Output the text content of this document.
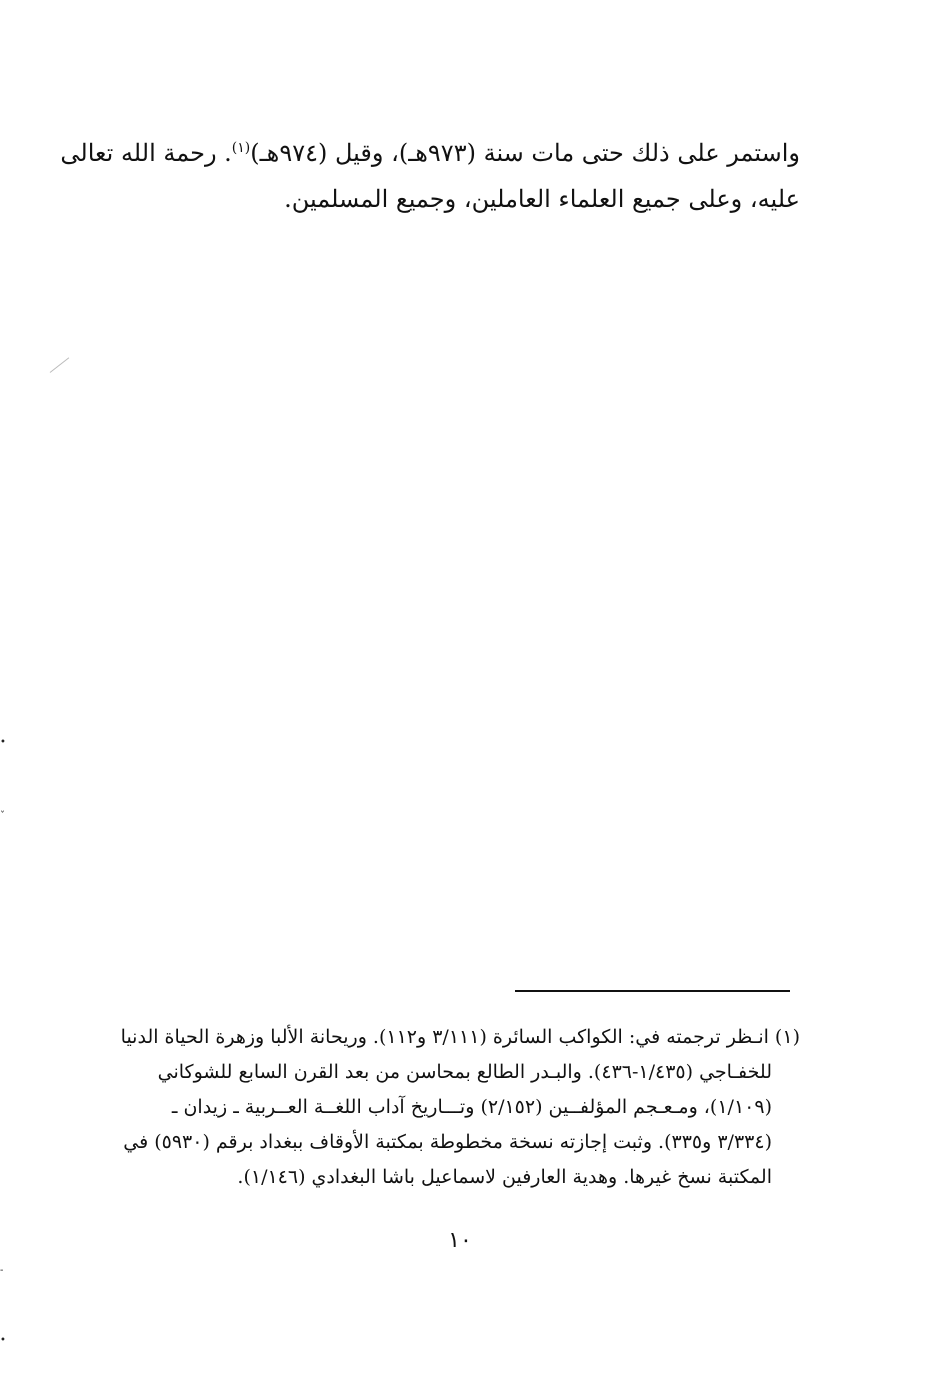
واستمر على ذلك حتى مات سنة (٩٧٣هـ)، وقيل (٩٧٤هـ)$^{(١)}$. رحمة الله تعالى
عليه، وعلى جميع العلماء العاملين، وجميع المسلمين.
(١) انـظر ترجمته في: الكواكب السائرة (٣/١١١ و١١٢). وريحانة الألبا وزهرة الحياة الدنيا
للخفـاجي (١/٤٣٥-٤٣٦). والبـدر الطالع بمحاسن من بعد القرن السابع للشوكاني
(١/١٠٩)، ومـعـجم المؤلفــين (٢/١٥٢) وتـــاريخ آداب اللغــة العــربية ـ زيدان ـ
(٣/٣٣٤ و٣٣٥). وثبت إجازته نسخة مخطوطة بمكتبة الأوقاف ببغداد برقم (٥٩٣٠) في
المكتبة نسخ غيرها. وهدية العارفين لاسماعيل باشا البغدادي (١/١٤٦).
١٠
•
ˇ
-
•
